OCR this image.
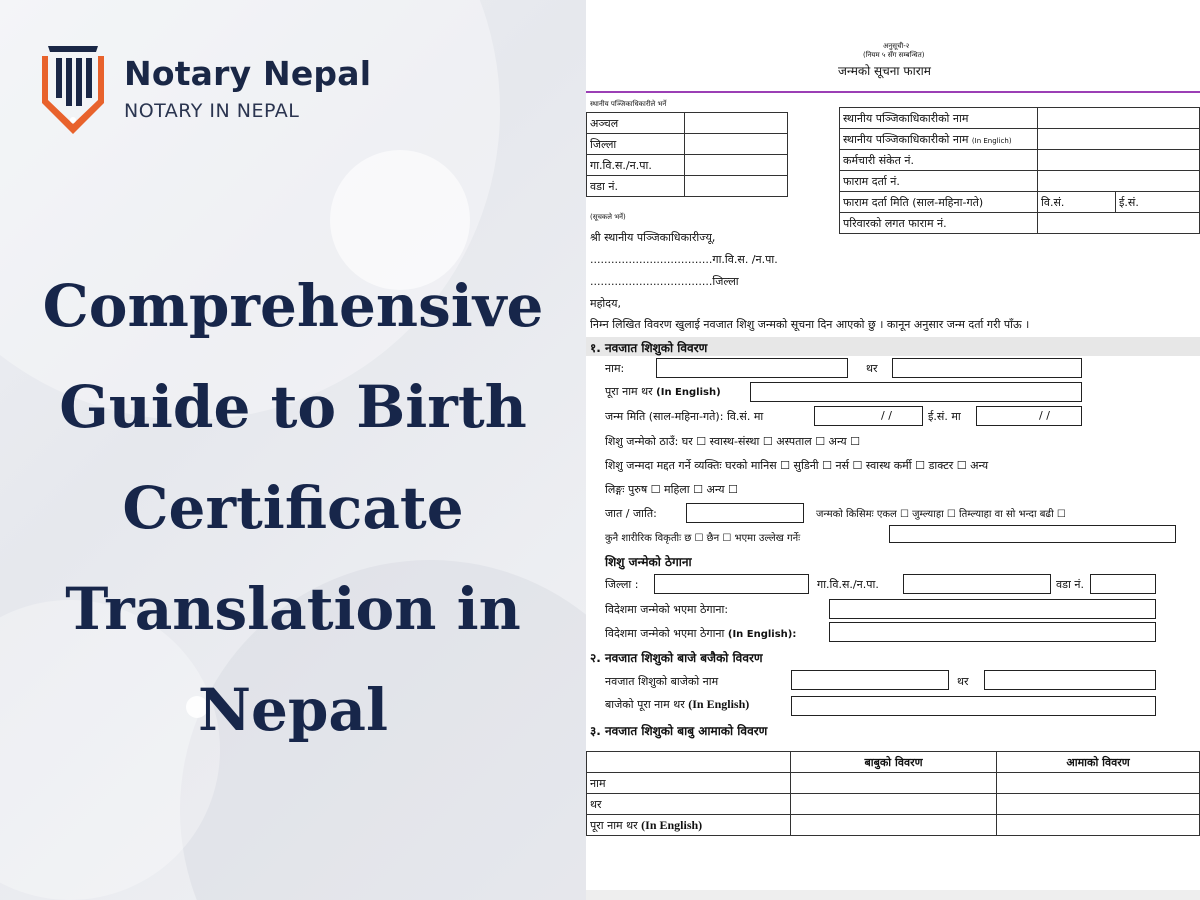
Notary Nepal
NOTARY IN NEPAL
Comprehensive
Guide to Birth
Certificate
Translation in
Nepal
अनुसूची-२
(नियम ५ सँग सम्बन्धित)
जन्मको सूचना फाराम
स्थानीय पञ्जिकाधिकारीले भर्ने
अञ्चल	
जिल्ला	
गा.वि.स./न.पा.	
वडा नं.	
स्थानीय पञ्जिकाधिकारीको नाम		
स्थानीय पञ्जिकाधिकारीको नाम (In Englich)		
कर्मचारी संकेत नं.		
फाराम दर्ता नं.		
फाराम दर्ता मिति (साल-महिना-गते)	वि.सं.	ई.सं.
परिवारको लगत फाराम नं.		
(सूचकले भर्ने)
श्री स्थानीय पञ्जिकाधिकारीज्यू,
...................................गा.वि.स. /न.पा.
...................................जिल्ला
महोदय,
निम्न लिखित विवरण खुलाई नवजात शिशु जन्मको सूचना दिन आएको छु । कानून अनुसार जन्म दर्ता गरी पाँऊ ।
१. नवजात शिशुको विवरण
नाम:	थर
पूरा नाम थर (In English)
जन्म मिति (साल-महिना-गते): वि.सं. मा	/ /	ई.सं. मा	/ /
शिशु जन्मेको ठाउँ: घर ☐ स्वास्थ-संस्था ☐ अस्पताल ☐ अन्य ☐
शिशु जन्मदा मद्दत गर्ने व्यक्तिः घरको मानिस ☐ सुडिनी ☐ नर्स ☐ स्वास्थ कर्मी ☐ डाक्टर ☐ अन्य
लिङ्गः पुरुष ☐ महिला ☐ अन्य ☐
जात / जाति:	जन्मको किसिमः एकल ☐ जुम्ल्याहा ☐ तिम्ल्याहा वा सो भन्दा बढी ☐
कुनै शारीरिक विकृतीः छ ☐ छैन ☐ भएमा उल्लेख गर्नेः
शिशु जन्मेको ठेगाना
जिल्ला :	गा.वि.स./न.पा.	वडा नं.
विदेशमा जन्मेको भएमा ठेगाना:
विदेशमा जन्मेको भएमा ठेगाना (In English):
२. नवजात शिशुको बाजे बजैको विवरण
नवजात शिशुको बाजेको नाम	थर
बाजेको पूरा नाम थर (In English)
३. नवजात शिशुको बाबु आमाको विवरण
	बाबुको विवरण	आमाको विवरण
नाम		
थर		
पूरा नाम थर (In English)		
